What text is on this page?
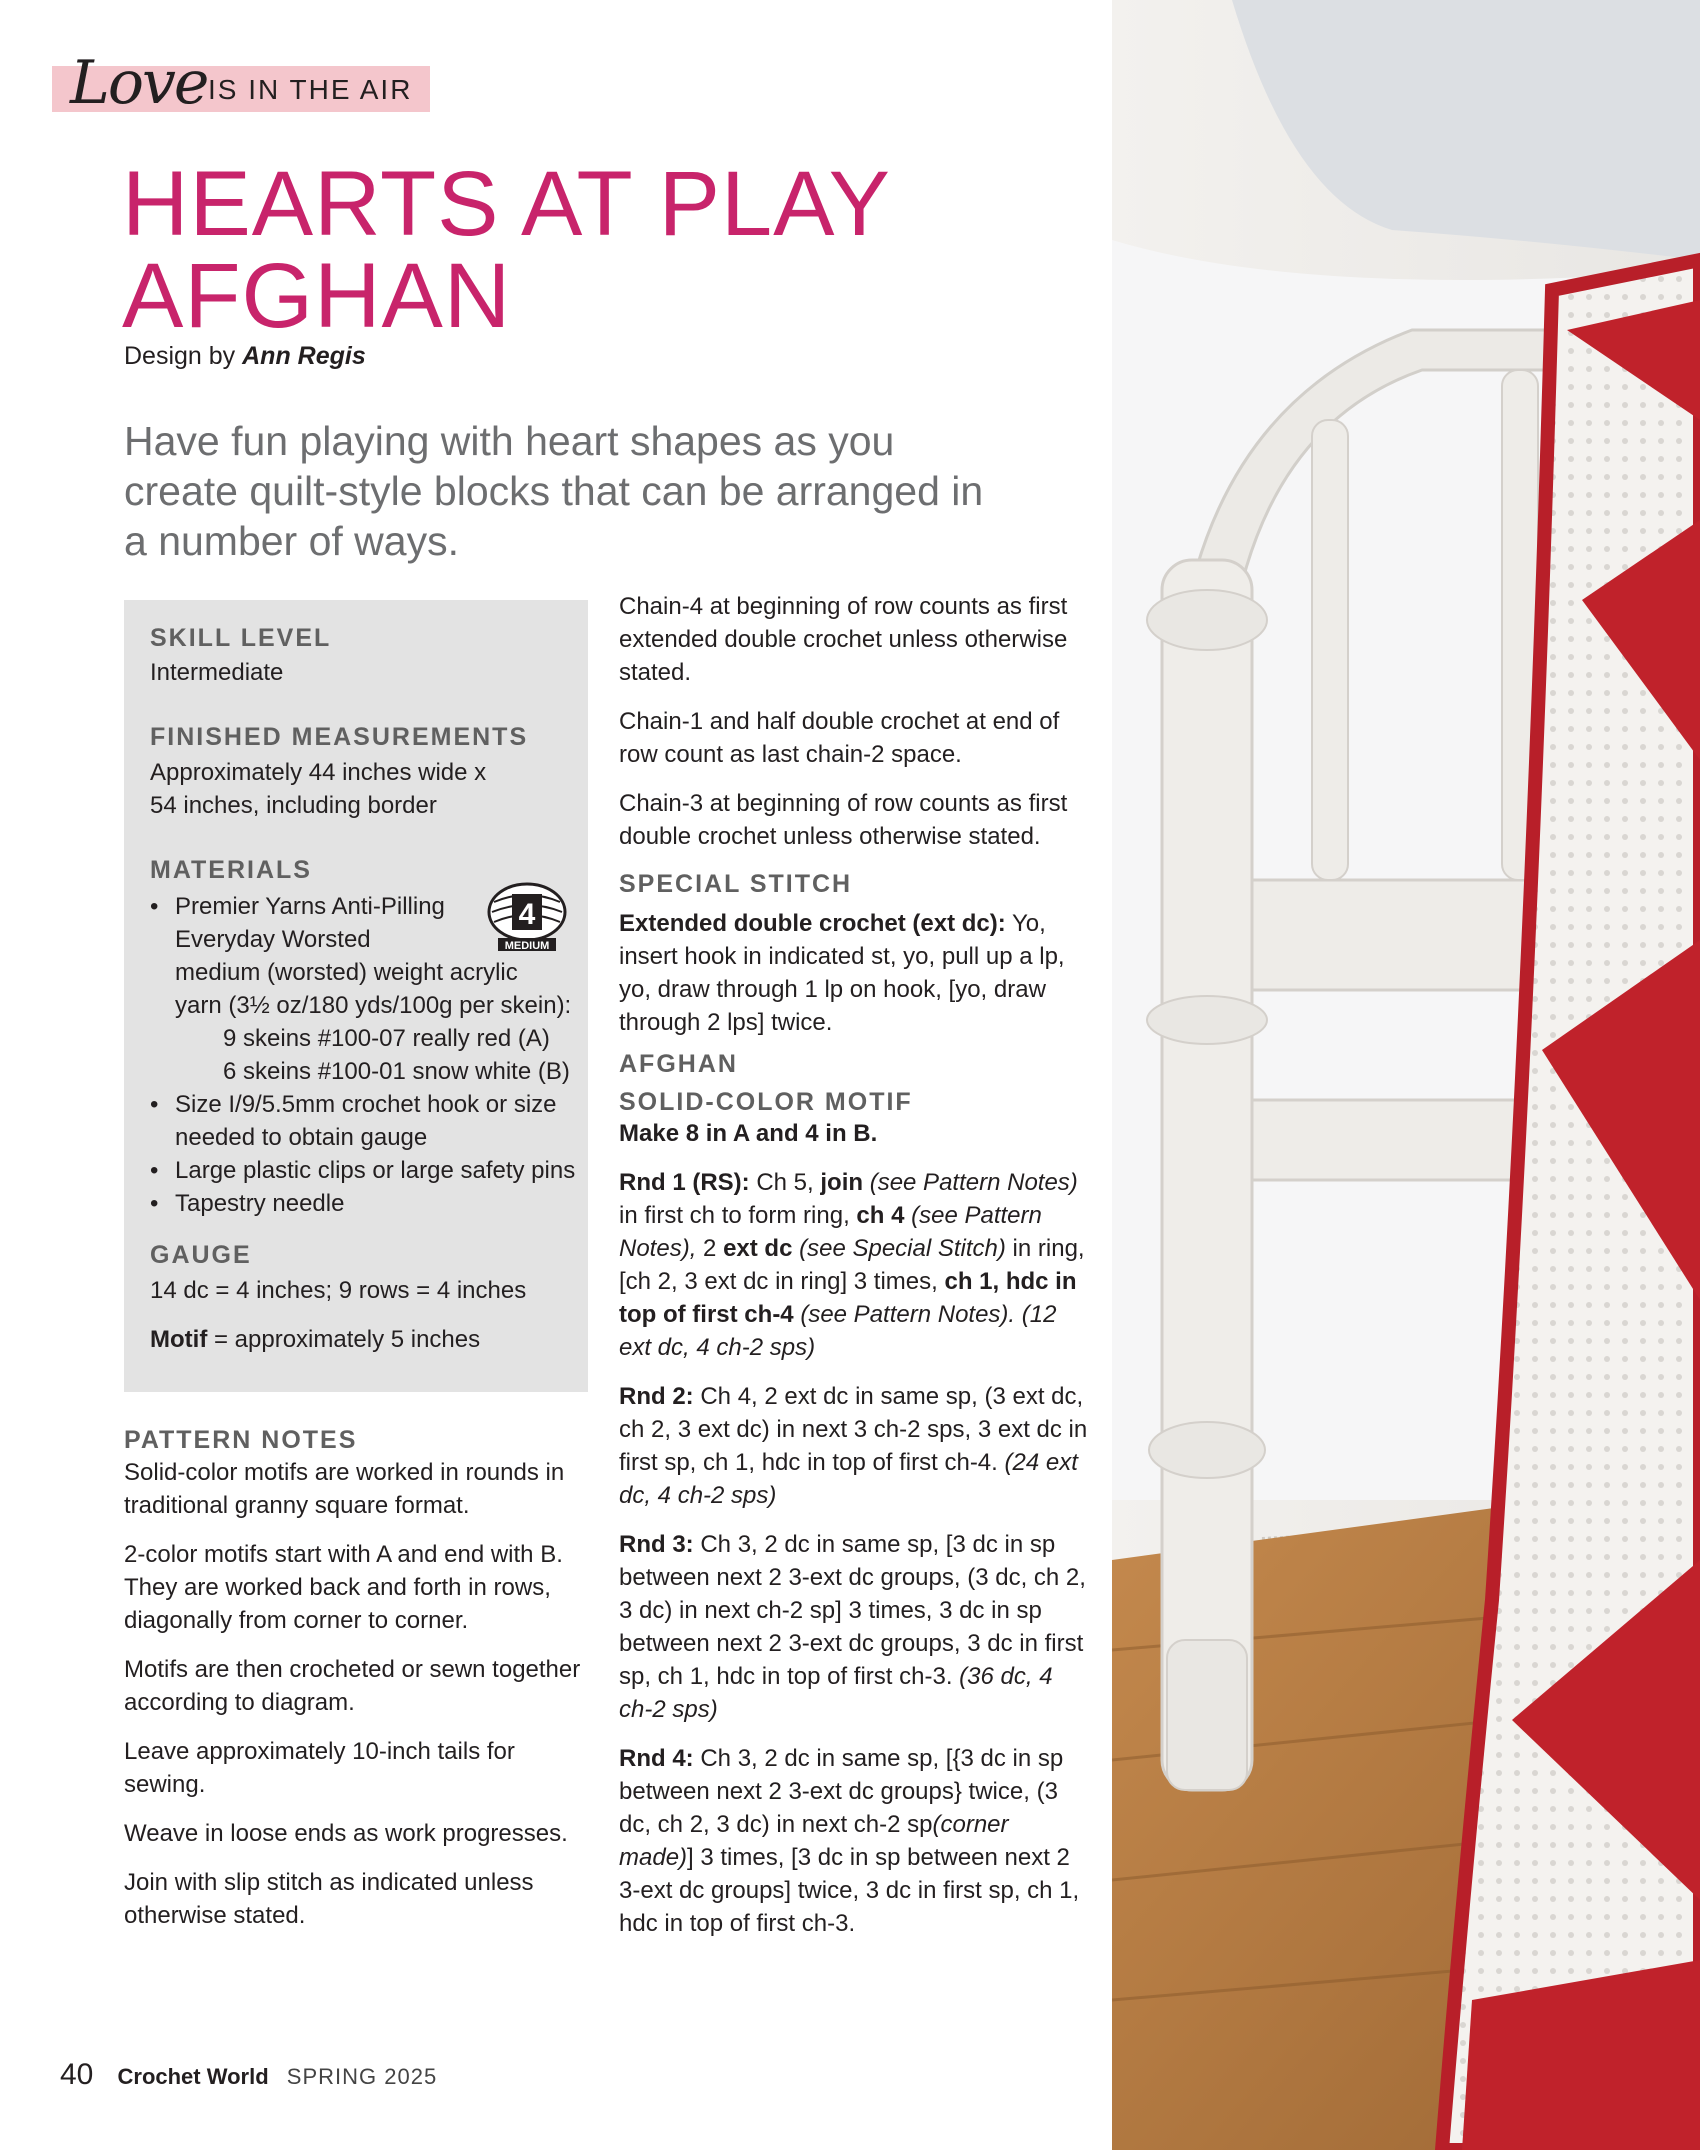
Love IS IN THE AIR
HEARTS AT PLAY
AFGHAN
Design by Ann Regis
Have fun playing with heart shapes as you create quilt-style blocks that can be arranged in a number of ways.
SKILL LEVEL
Intermediate
FINISHED MEASUREMENTS
Approximately 44 inches wide x
54 inches, including border
MATERIALS
4
MEDIUM
• Premier Yarns Anti-Pilling
Everyday Worsted
medium (worsted) weight acrylic
yarn (3½ oz/180 yds/100g per skein):
9 skeins #100-07 really red (A)
6 skeins #100-01 snow white (B)
• Size I/9/5.5mm crochet hook or size
needed to obtain gauge
• Large plastic clips or large safety pins
• Tapestry needle
GAUGE
14 dc = 4 inches; 9 rows = 4 inches
Motif = approximately 5 inches
PATTERN NOTES

Solid-color motifs are worked in rounds in traditional granny square format.

2-color motifs start with A and end with B. They are worked back and forth in rows, diagonally from corner to corner.

Motifs are then crocheted or sewn together according to diagram.

Leave approximately 10-inch tails for sewing.

Weave in loose ends as work progresses.

Join with slip stitch as indicated unless otherwise stated.

Chain-4 at beginning of row counts as first extended double crochet unless otherwise stated.

Chain-1 and half double crochet at end of row count as last chain-2 space.

Chain-3 at beginning of row counts as first double crochet unless otherwise stated.

SPECIAL STITCH

Extended double crochet (ext dc): Yo, insert hook in indicated st, yo, pull up a lp, yo, draw through 1 lp on hook, [yo, draw through 2 lps] twice.

AFGHAN
SOLID-COLOR MOTIF

Make 8 in A and 4 in B.

Rnd 1 (RS): Ch 5, join (see Pattern Notes) in first ch to form ring, ch 4 (see Pattern Notes), 2 ext dc (see Special Stitch) in ring, [ch 2, 3 ext dc in ring] 3 times, ch 1, hdc in top of first ch-4 (see Pattern Notes). (12 ext dc, 4 ch-2 sps)

Rnd 2: Ch 4, 2 ext dc in same sp, (3 ext dc, ch 2, 3 ext dc) in next 3 ch-2 sps, 3 ext dc in first sp, ch 1, hdc in top of first ch-4. (24 ext dc, 4 ch-2 sps)

Rnd 3: Ch 3, 2 dc in same sp, [3 dc in sp between next 2 3-ext dc groups, (3 dc, ch 2, 3 dc) in next ch-2 sp] 3 times, 3 dc in sp between next 2 3-ext dc groups, 3 dc in first sp, ch 1, hdc in top of first ch-3. (36 dc, 4 ch-2 sps)

Rnd 4: Ch 3, 2 dc in same sp, [{3 dc in sp between next 2 3-ext dc groups} twice, (3 dc, ch 2, 3 dc) in next ch-2 sp(corner made)] 3 times, [3 dc in sp between next 2 3-ext dc groups] twice, 3 dc in first sp, ch 1, hdc in top of first ch-3.

40 Crochet World SPRING 2025
